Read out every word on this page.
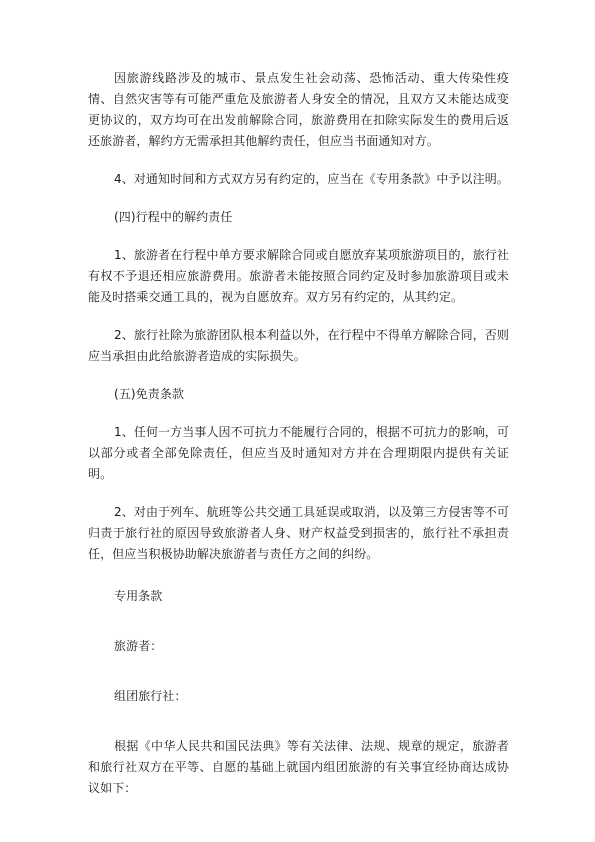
因旅游线路涉及的城市、景点发生社会动荡、恐怖活动、重大传染性疫情、自然灾害等有可能严重危及旅游者人身安全的情况，且双方又未能达成变更协议的，双方均可在出发前解除合同，旅游费用在扣除实际发生的费用后返还旅游者，解约方无需承担其他解约责任，但应当书面通知对方。

4、对通知时间和方式双方另有约定的，应当在《专用条款》中予以注明。

(四)行程中的解约责任

1、旅游者在行程中单方要求解除合同或自愿放弃某项旅游项目的，旅行社有权不予退还相应旅游费用。旅游者未能按照合同约定及时参加旅游项目或未能及时搭乘交通工具的，视为自愿放弃。双方另有约定的，从其约定。

2、旅行社除为旅游团队根本利益以外，在行程中不得单方解除合同，否则应当承担由此给旅游者造成的实际损失。

(五)免责条款

1、任何一方当事人因不可抗力不能履行合同的，根据不可抗力的影响，可以部分或者全部免除责任，但应当及时通知对方并在合理期限内提供有关证明。

2、对由于列车、航班等公共交通工具延误或取消，以及第三方侵害等不可归责于旅行社的原因导致旅游者人身、财产权益受到损害的，旅行社不承担责任，但应当积极协助解决旅游者与责任方之间的纠纷。

专用条款

旅游者：

组团旅行社：

根据《中华人民共和国民法典》等有关法律、法规、规章的规定，旅游者和旅行社双方在平等、自愿的基础上就国内组团旅游的有关事宜经协商达成协议如下：
